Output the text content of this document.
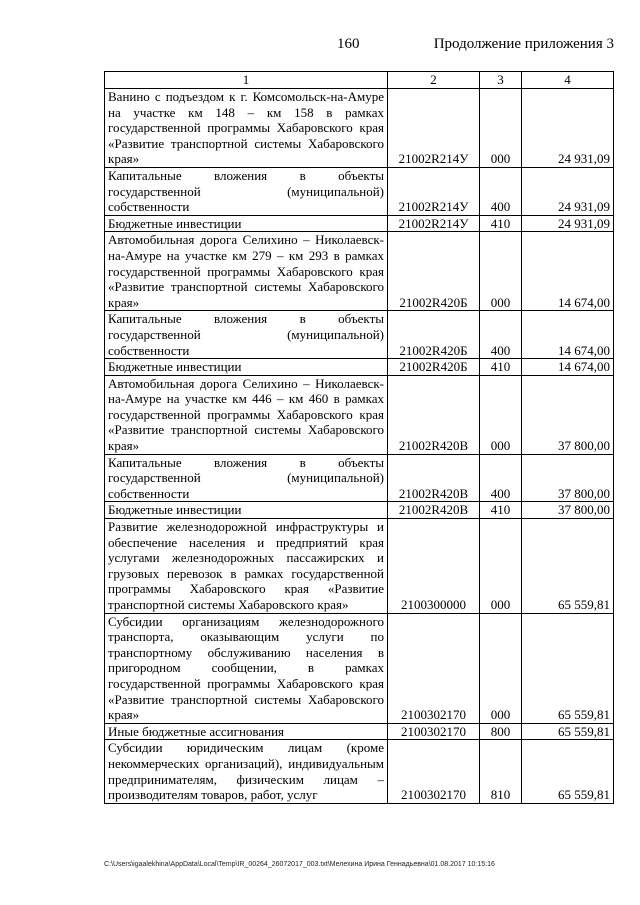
160	Продолжение приложения 3
1	2	3	4
Ванино с подъездом к г. Комсомольск-на-Амуре на участке км 148 – км 158 в рамках государственной программы Хабаровского края «Развитие транспортной системы Хабаровского края»	21002R214У	000	24 931,09
Капитальные вложения в объекты государственной (муниципальной) собственности	21002R214У	400	24 931,09
Бюджетные инвестиции	21002R214У	410	24 931,09
Автомобильная дорога Селихино – Николаевск-на-Амуре на участке км 279 – км 293 в рамках государственной программы Хабаровского края «Развитие транспортной системы Хабаровского края»	21002R420Б	000	14 674,00
Капитальные вложения в объекты государственной (муниципальной) собственности	21002R420Б	400	14 674,00
Бюджетные инвестиции	21002R420Б	410	14 674,00
Автомобильная дорога Селихино – Николаевск-на-Амуре на участке км 446 – км 460 в рамках государственной программы Хабаровского края «Развитие транспортной системы Хабаровского края»	21002R420В	000	37 800,00
Капитальные вложения в объекты государственной (муниципальной) собственности	21002R420В	400	37 800,00
Бюджетные инвестиции	21002R420В	410	37 800,00
Развитие железнодорожной инфраструктуры и обеспечение населения и предприятий края услугами железнодорожных пассажирских и грузовых перевозок в рамках государственной программы Хабаровского края «Развитие транспортной системы Хабаровского края»	2100300000	000	65 559,81
Субсидии организациям железнодорожного транспорта, оказывающим услуги по транспортному обслуживанию населения в пригородном сообщении, в рамках государственной программы Хабаровского края «Развитие транспортной системы Хабаровского края»	2100302170	000	65 559,81
Иные бюджетные ассигнования	2100302170	800	65 559,81
Субсидии юридическим лицам (кроме некоммерческих организаций), индивидуальным предпринимателям, физическим лицам – производителям товаров, работ, услуг	2100302170	810	65 559,81
C:\Users\igaalekhina\AppData\Local\Temp\IR_00264_26072017_003.txt\Мелехина Ирина Геннадьевна\01.08.2017 10:15:16
